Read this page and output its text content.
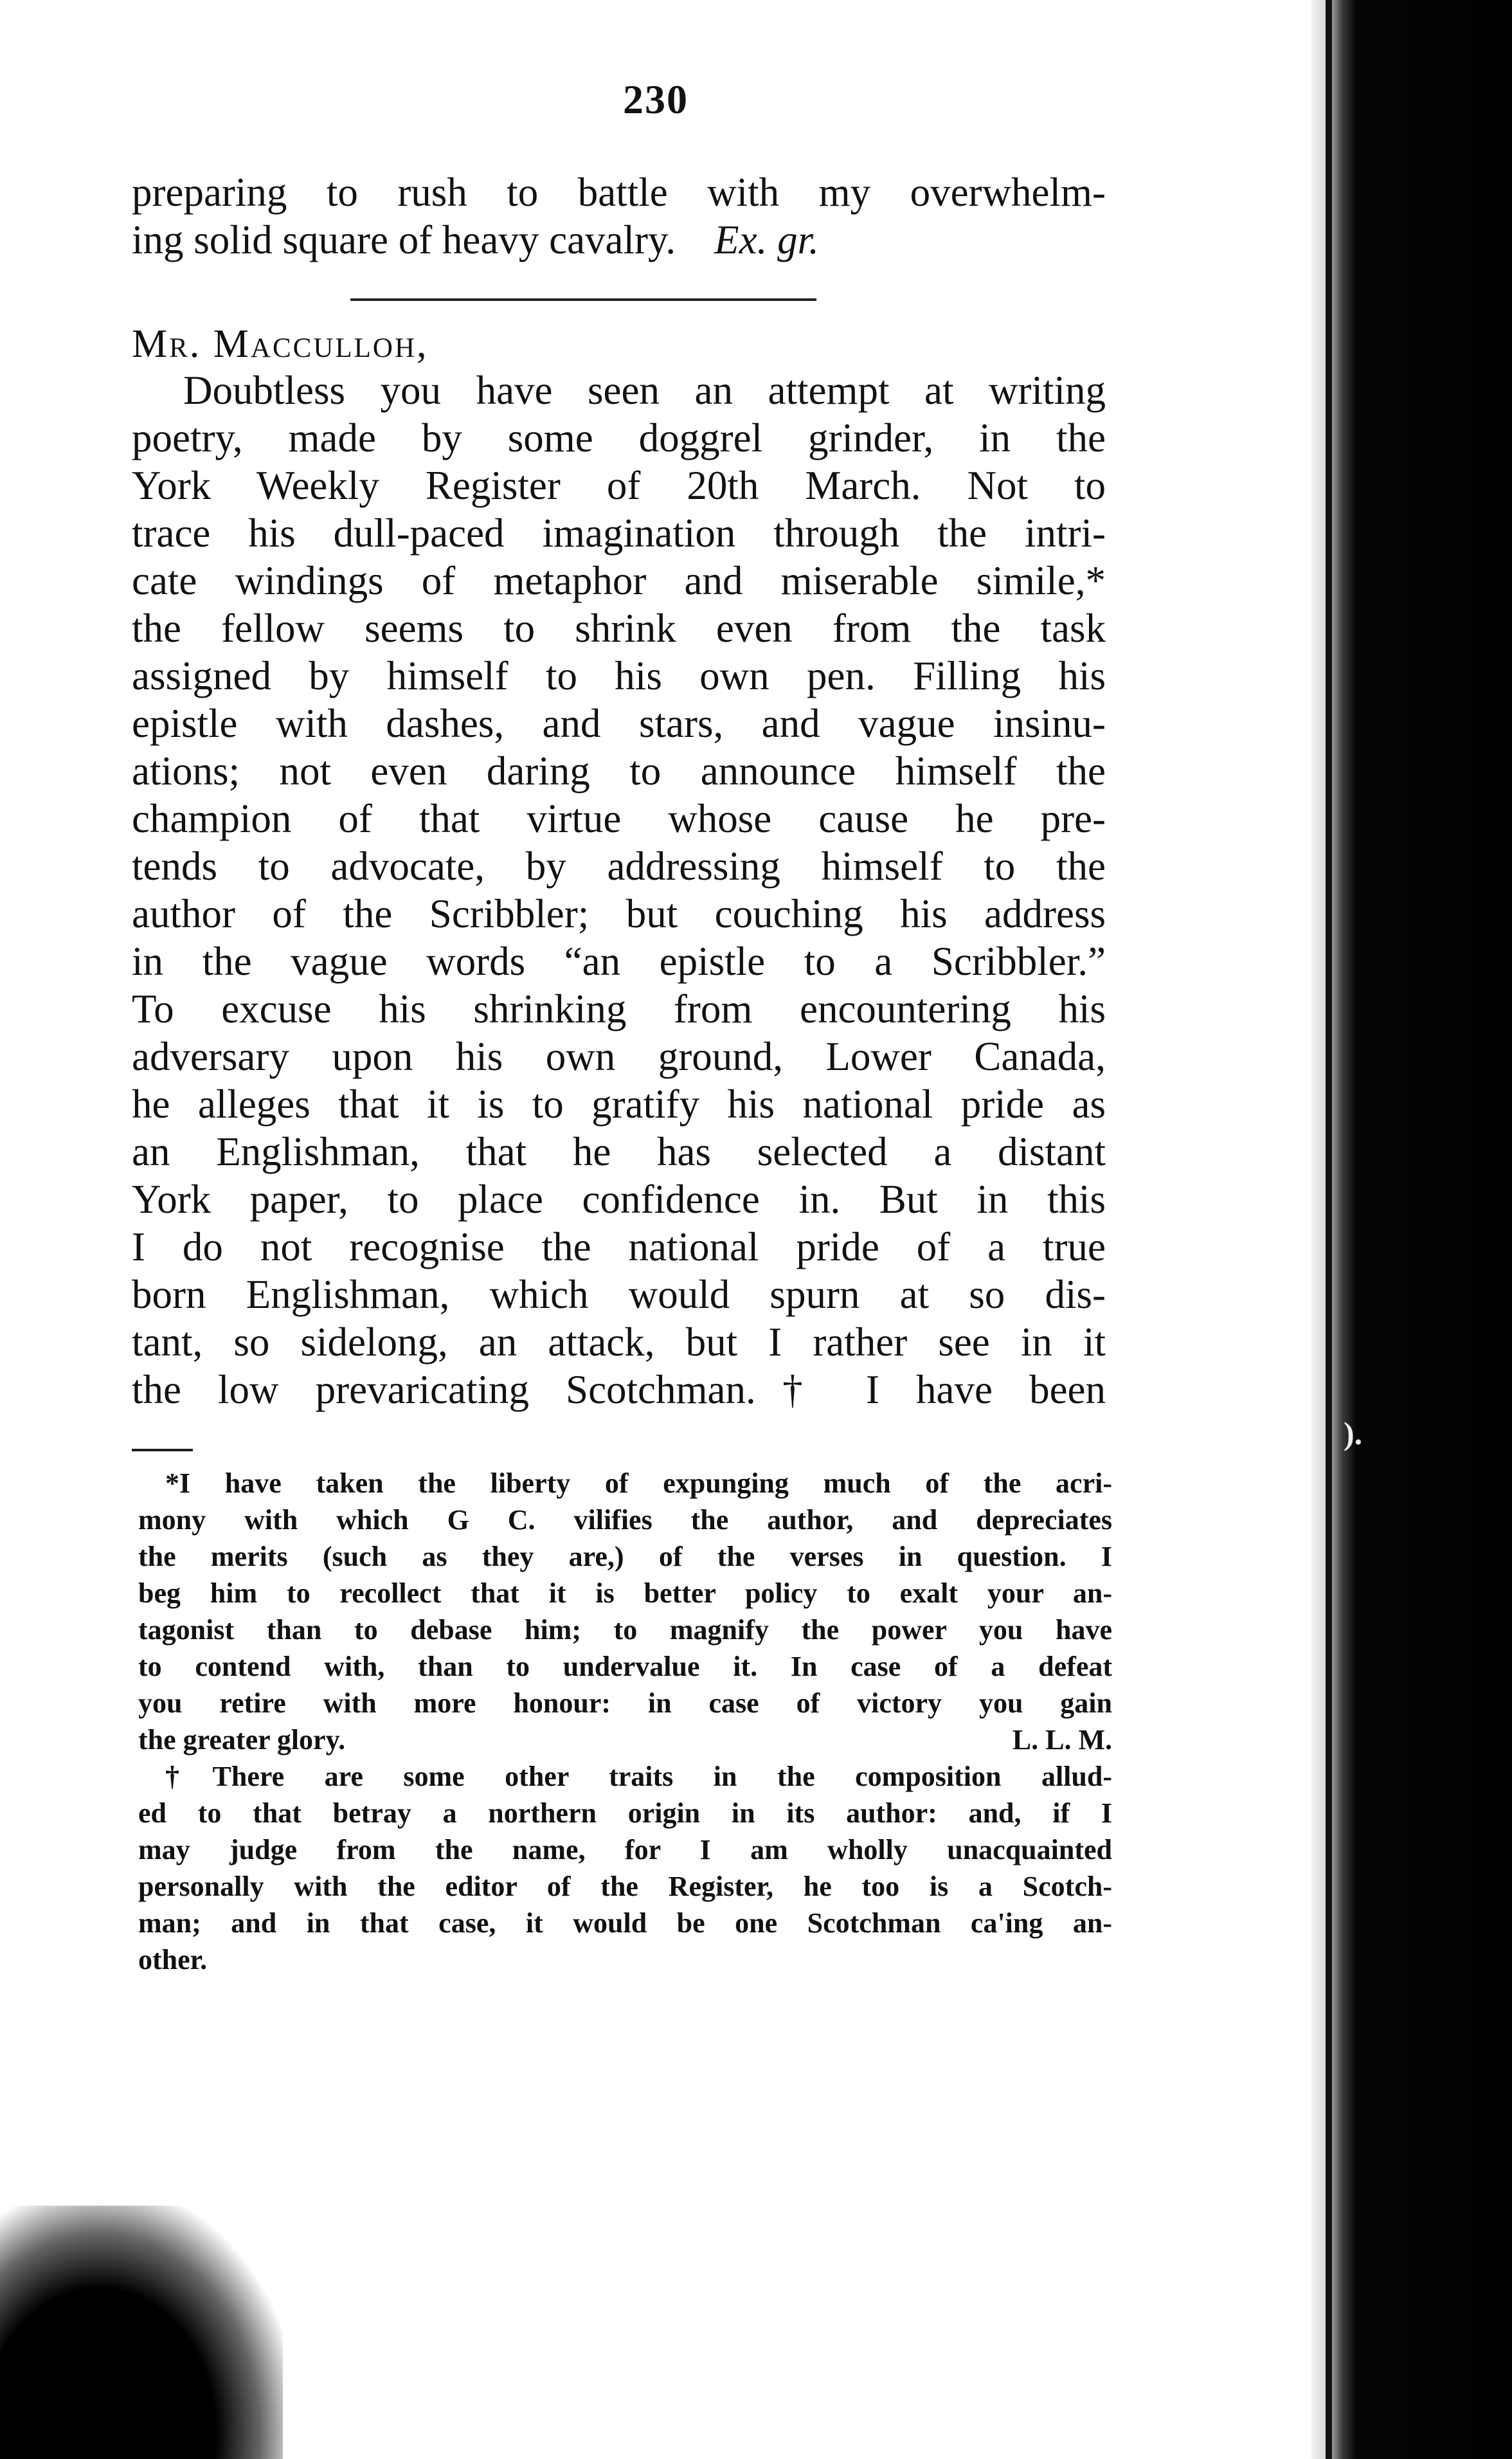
230
preparing to rush to battle with my overwhelm-
ing solid square of heavy cavalry. Ex. gr.
Mr. Macculloh,
Doubtless you have seen an attempt at writing
poetry, made by some doggrel grinder, in the
York Weekly Register of 20th March. Not to
trace his dull-paced imagination through the intri-
cate windings of metaphor and miserable simile,*
the fellow seems to shrink even from the task
assigned by himself to his own pen. Filling his
epistle with dashes, and stars, and vague insinu-
ations; not even daring to announce himself the
champion of that virtue whose cause he pre-
tends to advocate, by addressing himself to the
author of the Scribbler; but couching his address
in the vague words “an epistle to a Scribbler.”
To excuse his shrinking from encountering his
adversary upon his own ground, Lower Canada,
he alleges that it is to gratify his national pride as
an Englishman, that he has selected a distant
York paper, to place confidence in. But in this
I do not recognise the national pride of a true
born Englishman, which would spurn at so dis-
tant, so sidelong, an attack, but I rather see in it
the low prevaricating Scotchman.† I have been
*I have taken the liberty of expunging much of the acri-
mony with which G C. vilifies the author, and depreciates
the merits (such as they are,) of the verses in question. I
beg him to recollect that it is better policy to exalt your an-
tagonist than to debase him; to magnify the power you have
to contend with, than to undervalue it. In case of a defeat
you retire with more honour: in case of victory you gain
the greater glory.	L. L. M.
†There are some other traits in the composition allud-
ed to that betray a northern origin in its author: and, if I
may judge from the name, for I am wholly unacquainted
personally with the editor of the Register, he too is a Scotch-
man; and in that case, it would be one Scotchman ca'ing an-
other.
).
